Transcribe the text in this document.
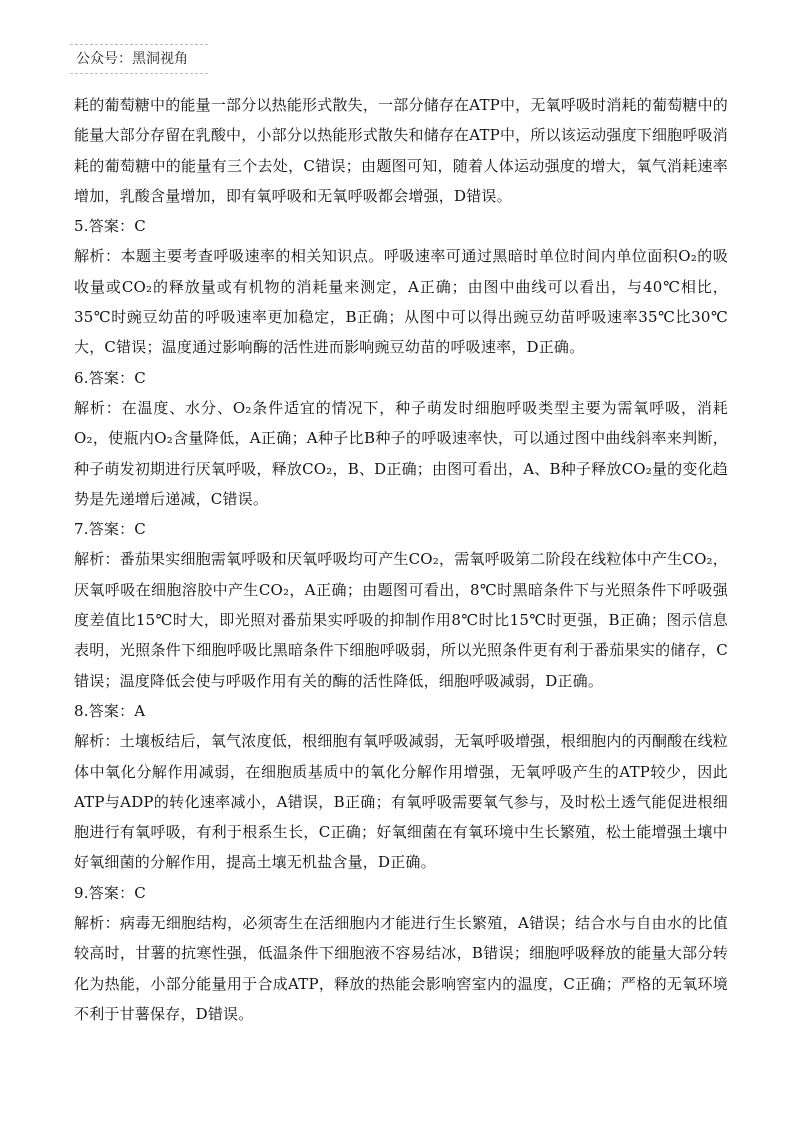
公众号：黑洞视角

耗的葡萄糖中的能量一部分以热能形式散失，一部分储存在ATP中，无氧呼吸时消耗的葡萄糖中的能量大部分存留在乳酸中，小部分以热能形式散失和储存在ATP中，所以该运动强度下细胞呼吸消耗的葡萄糖中的能量有三个去处，C错误；由题图可知，随着人体运动强度的增大，氧气消耗速率增加，乳酸含量增加，即有氧呼吸和无氧呼吸都会增强，D错误。

5.答案：C

解析：本题主要考查呼吸速率的相关知识点。呼吸速率可通过黑暗时单位时间内单位面积O₂的吸收量或CO₂的释放量或有机物的消耗量来测定，A正确；由图中曲线可以看出，与40℃相比，35℃时豌豆幼苗的呼吸速率更加稳定，B正确；从图中可以得出豌豆幼苗呼吸速率35℃比30℃大，C错误；温度通过影响酶的活性进而影响豌豆幼苗的呼吸速率，D正确。

6.答案：C

解析：在温度、水分、O₂条件适宜的情况下，种子萌发时细胞呼吸类型主要为需氧呼吸，消耗O₂，使瓶内O₂含量降低，A正确；A种子比B种子的呼吸速率快，可以通过图中曲线斜率来判断，种子萌发初期进行厌氧呼吸，释放CO₂，B、D正确；由图可看出，A、B种子释放CO₂量的变化趋势是先递增后递减，C错误。

7.答案：C

解析：番茄果实细胞需氧呼吸和厌氧呼吸均可产生CO₂，需氧呼吸第二阶段在线粒体中产生CO₂，厌氧呼吸在细胞溶胶中产生CO₂，A正确；由题图可看出，8℃时黑暗条件下与光照条件下呼吸强度差值比15℃时大，即光照对番茄果实呼吸的抑制作用8℃时比15℃时更强，B正确；图示信息表明，光照条件下细胞呼吸比黑暗条件下细胞呼吸弱，所以光照条件更有利于番茄果实的储存，C错误；温度降低会使与呼吸作用有关的酶的活性降低，细胞呼吸减弱，D正确。

8.答案：A

解析：土壤板结后，氧气浓度低，根细胞有氧呼吸减弱，无氧呼吸增强，根细胞内的丙酮酸在线粒体中氧化分解作用减弱，在细胞质基质中的氧化分解作用增强，无氧呼吸产生的ATP较少，因此ATP与ADP的转化速率减小，A错误，B正确；有氧呼吸需要氧气参与，及时松土透气能促进根细胞进行有氧呼吸，有利于根系生长，C正确；好氧细菌在有氧环境中生长繁殖，松土能增强土壤中好氧细菌的分解作用，提高土壤无机盐含量，D正确。

9.答案：C

解析：病毒无细胞结构，必须寄生在活细胞内才能进行生长繁殖，A错误；结合水与自由水的比值较高时，甘薯的抗寒性强，低温条件下细胞液不容易结冰，B错误；细胞呼吸释放的能量大部分转化为热能，小部分能量用于合成ATP，释放的热能会影响窖室内的温度，C正确；严格的无氧环境不利于甘薯保存，D错误。
